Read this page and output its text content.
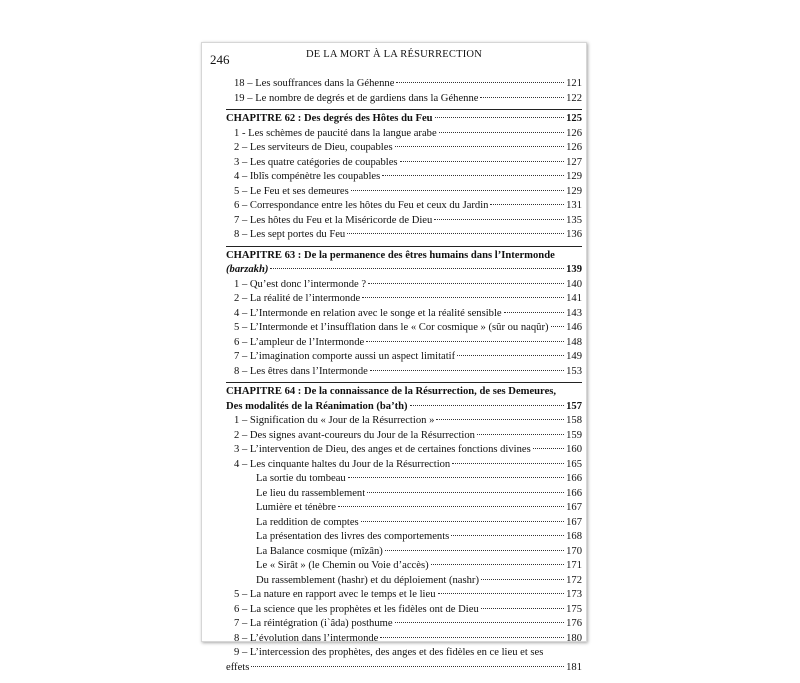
246	DE LA MORT À LA RÉSURRECTION
18 – Les souffrances dans la Géhenne	121
19 – Le nombre de degrés et de gardiens dans la Géhenne	122
CHAPITRE 62 : Des degrés des Hôtes du Feu	125
1 - Les schèmes de paucité dans la langue arabe	126
2 – Les serviteurs de Dieu, coupables	126
3 – Les quatre catégories de coupables	127
4 – Iblîs compénètre les coupables	129
5 – Le Feu et ses demeures	129
6 – Correspondance entre les hôtes du Feu et ceux du Jardin	131
7 – Les hôtes du Feu et la Miséricorde de Dieu	135
8 – Les sept portes du Feu	136
CHAPITRE 63 : De la permanence des êtres humains dans l’Intermonde
(barzakh)	139
1 – Qu’est donc l’intermonde ?	140
2 – La réalité de l’intermonde	141
4 – L’Intermonde en relation avec le songe et la réalité sensible	143
5 – L’Intermonde et l’insufflation dans le « Cor cosmique » (sûr ou naqûr) 146
6 – L’ampleur de l’Intermonde	148
7 – L’imagination comporte aussi un aspect limitatif	149
8 – Les êtres dans l’Intermonde	153
CHAPITRE 64 : De la connaissance de la Résurrection, de ses Demeures,
Des modalités de la Réanimation (ba’th)	157
1 – Signification du « Jour de la Résurrection »	158
2 – Des signes avant-coureurs du Jour de la Résurrection	159
3 – L’intervention de Dieu, des anges et de certaines fonctions divines	160
4 – Les cinquante haltes du Jour de la Résurrection	165
La sortie du tombeau	166
Le lieu du rassemblement	166
Lumière et ténèbre	167
La reddition de comptes	167
La présentation des livres des comportements	168
La Balance cosmique (mîzân)	170
Le « Sirât » (le Chemin ou Voie d’accès)	171
Du rassemblement (hashr) et du déploiement (nashr)	172
5 – La nature en rapport avec le temps et le lieu	173
6 – La science que les prophètes et les fidèles ont de Dieu	175
7 – La réintégration (i`âda) posthume	176
8 – L’évolution dans l’intermonde	180
9 – L’intercession des prophètes, des anges et des fidèles en ce lieu et ses
effets	181
